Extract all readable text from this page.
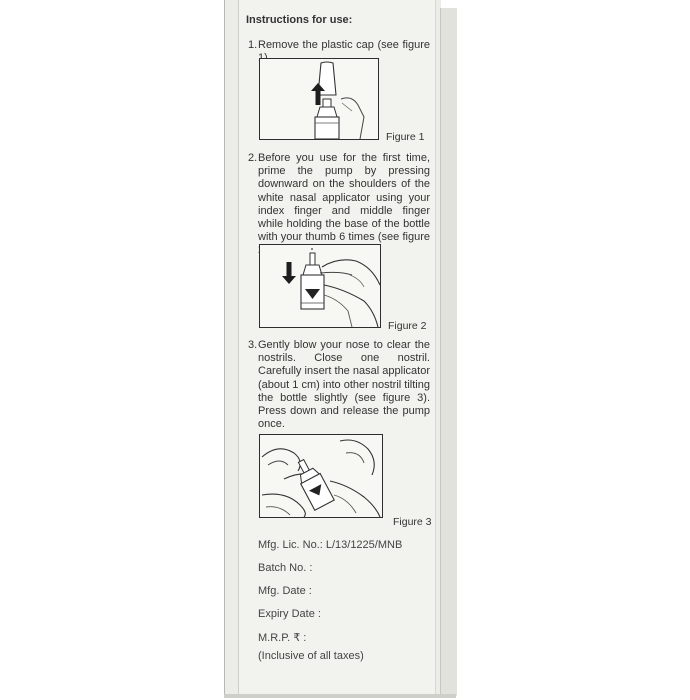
Instructions for use:
1. Remove the plastic cap (see figure
Figure 1
2. Before you use for the first time, prime the pump by pressing downward on the shoulders of the white nasal applicator using your index finger and middle finger while holding the base of the bottle with your thumb 6 times (see figure
Figure 2
3. Gently blow your nose to clear the nostrils. Close one nostril. Carefully insert the nasal applicator (about 1 cm) into other nostril tilting the bottle slightly (see figure 3). Press down and release the pump once.
Figure 3
Mfg. Lic. No.: L/13/1225/MNB
Batch No. :
Mfg. Date :
Expiry Date :
M.R.P. ₹ :
(Inclusive of all taxes)
